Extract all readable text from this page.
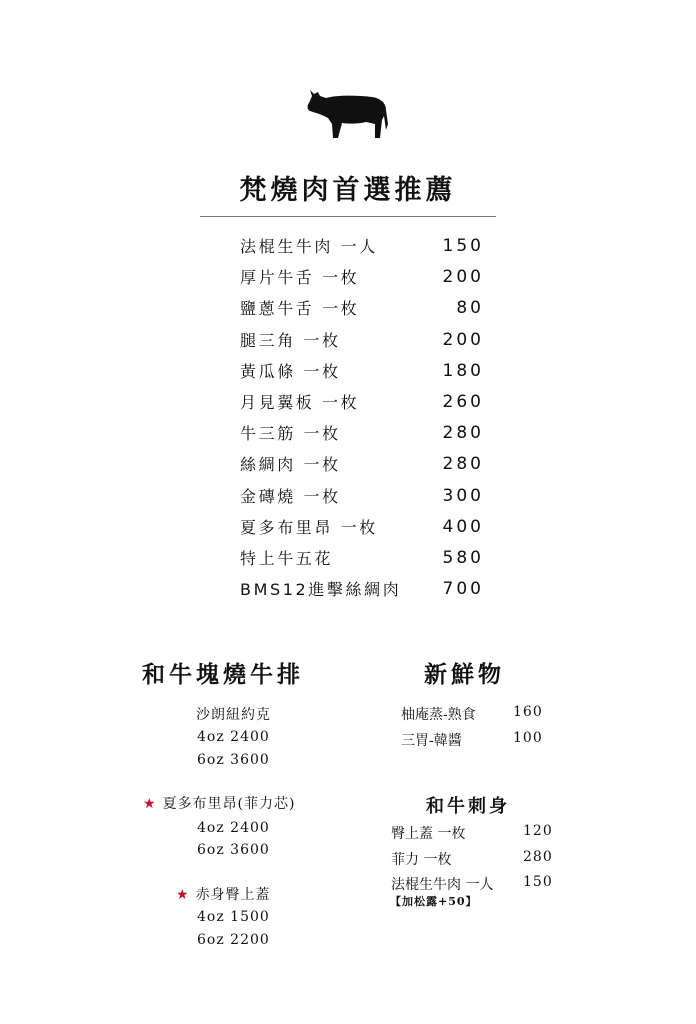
梵燒肉首選推薦
法棍生牛肉 一人	150
厚片牛舌 一枚	200
鹽蔥牛舌 一枚	80
腿三角 一枚	200
黃瓜條 一枚	180
月見翼板 一枚	260
牛三筋 一枚	280
絲綢肉 一枚	280
金磚燒 一枚	300
夏多布里昂 一枚	400
特上牛五花	580
BMS12進擊絲綢肉 700
和牛塊燒牛排
沙朗紐約克
4oz 2400
6oz 3600
★ 夏多布里昂(菲力芯)
4oz 2400
6oz 3600
★ 赤身臀上蓋
4oz 1500
6oz 2200
新鮮物
柚庵蒸-熟食	160
三胃-韓醬	100
和牛刺身
臀上蓋 一枚	120
菲力 一枚	280
法棍生牛肉 一人 150
【加松露+50】
